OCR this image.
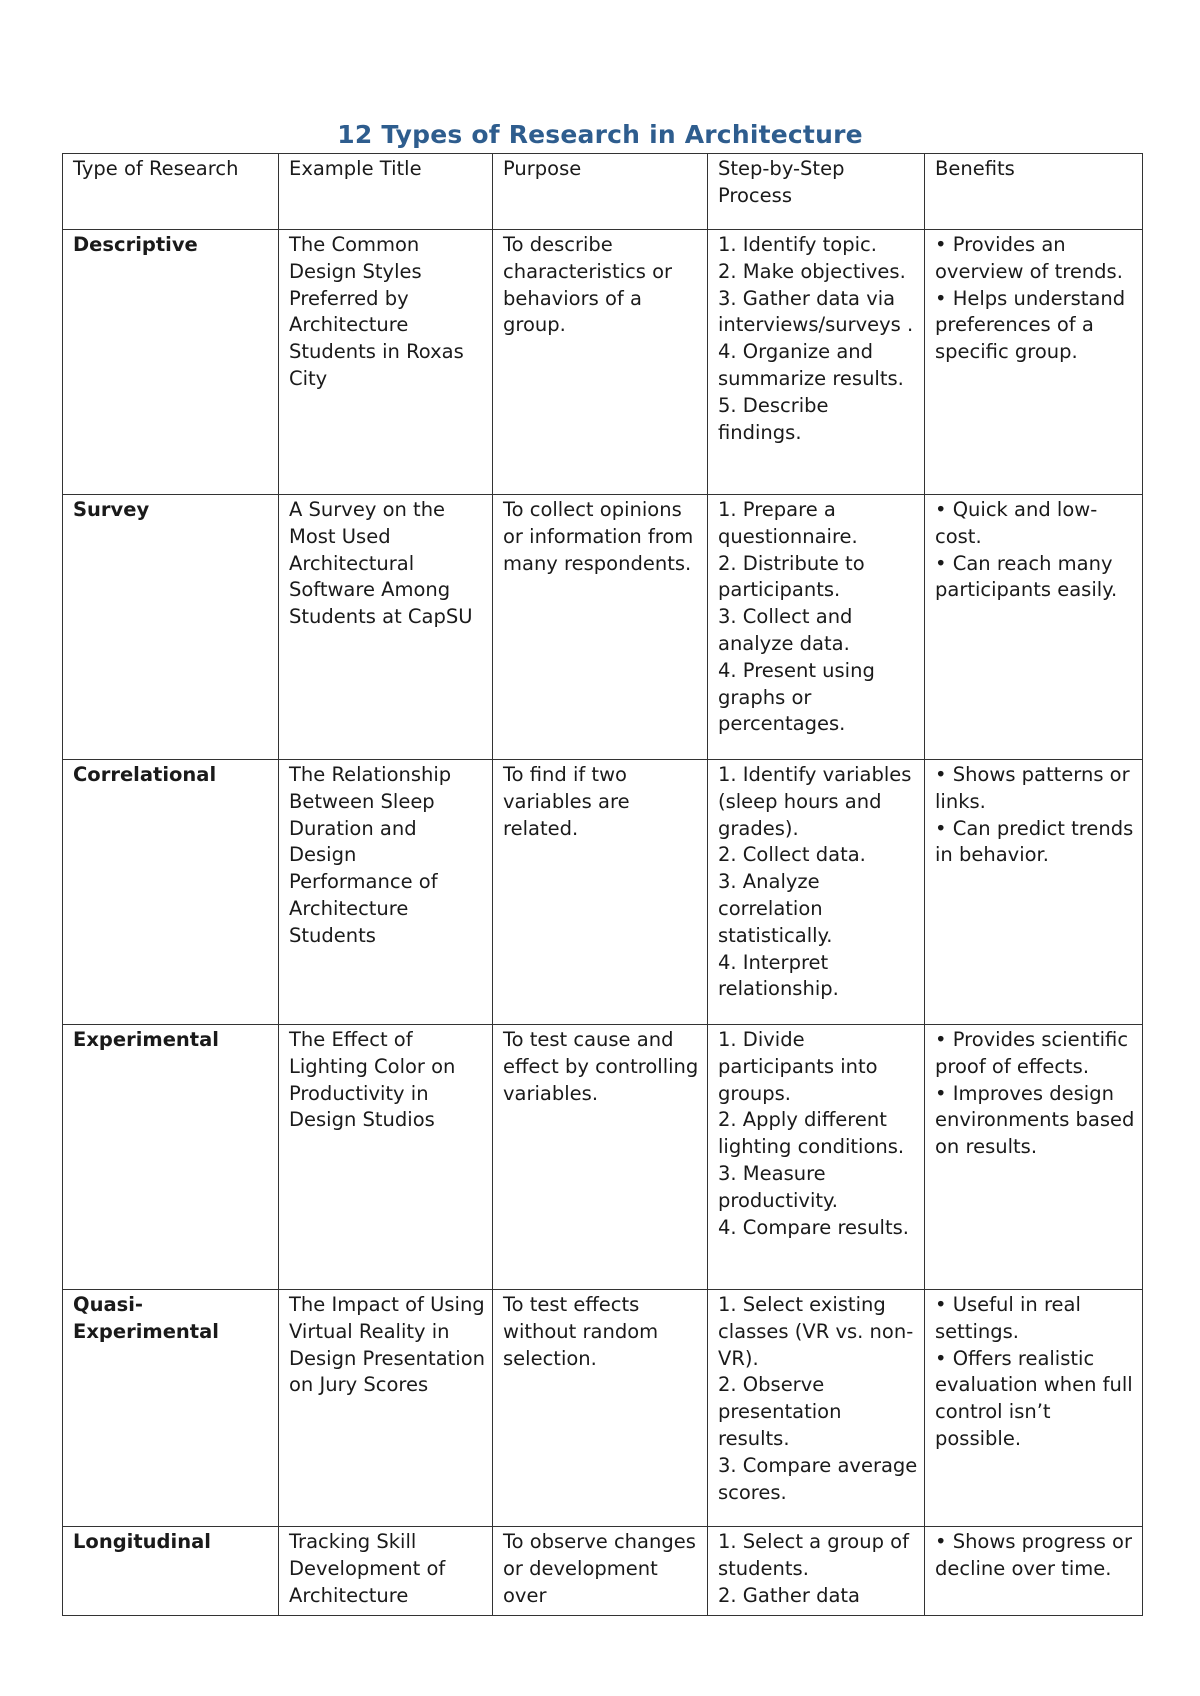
12 Types of Research in Architecture
Type of Research	Example Title	Purpose	Step-by-Step Process	Benefits
Descriptive	The Common Design Styles Preferred by Architecture Students in Roxas City	To describe characteristics or behaviors of a group.	1. Identify topic.
2. Make objectives.
3. Gather data via interviews/surveys .
4. Organize and summarize results.
5. Describe findings.	• Provides an overview of trends.
• Helps understand preferences of a specific group.

Survey	A Survey on the Most Used Architectural Software Among Students at CapSU	To collect opinions or information from many respondents.	1. Prepare a questionnaire.
2. Distribute to participants.
3. Collect and analyze data.
4. Present using graphs or percentages.	• Quick and low-cost.
• Can reach many participants easily.

Correlational	The Relationship Between Sleep Duration and Design Performance of Architecture Students	To find if two variables are related.	1. Identify variables (sleep hours and grades).
2. Collect data.
3. Analyze correlation statistically.
4. Interpret relationship.	• Shows patterns or links.
• Can predict trends in behavior.

Experimental	The Effect of Lighting Color on Productivity in Design Studios	To test cause and effect by controlling variables.	1. Divide participants into groups.
2. Apply different lighting conditions.
3. Measure productivity.
4. Compare results.	• Provides scientific proof of effects.
• Improves design environments based on results.

Quasi-Experimental	The Impact of Using Virtual Reality in Design Presentation on Jury Scores	To test effects without random selection.	1. Select existing classes (VR vs. non-VR).
2. Observe presentation results.
3. Compare average scores.	• Useful in real settings.
• Offers realistic evaluation when full control isn’t possible.

Longitudinal	Tracking Skill Development of Architecture	To observe changes or development over	1. Select a group of students.
2. Gather data	• Shows progress or decline over time.
